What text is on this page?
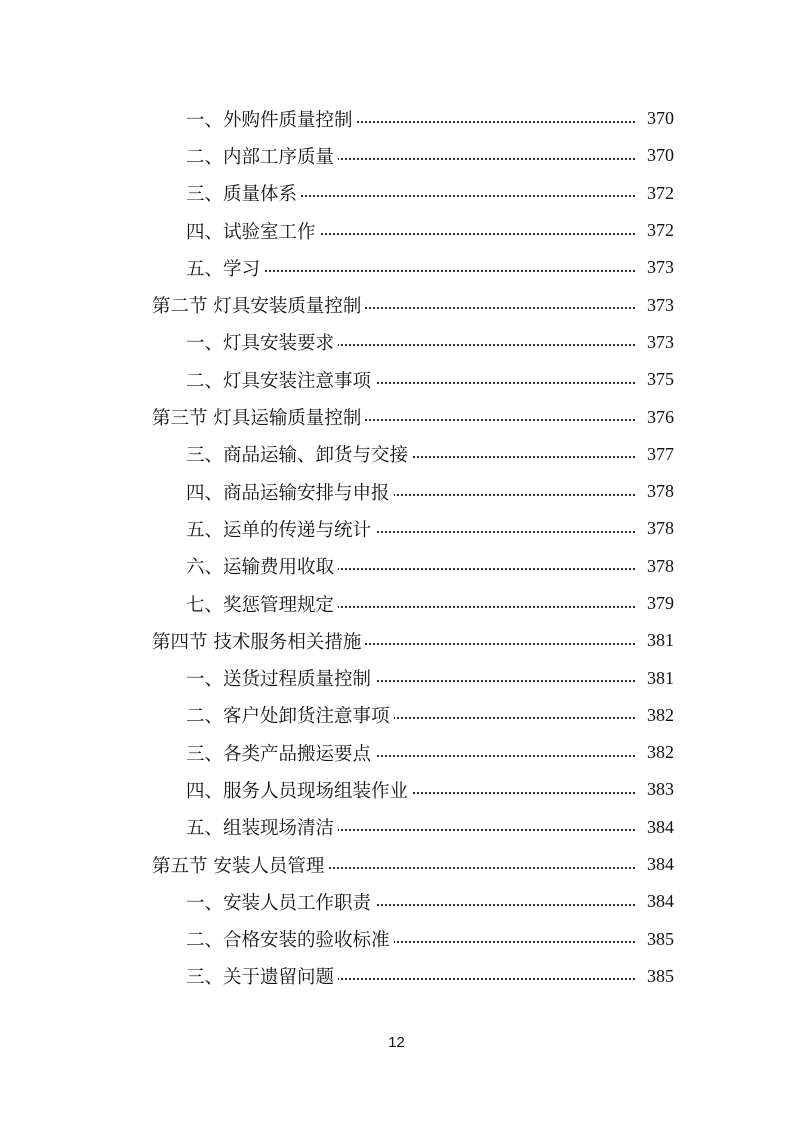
一、外购件质量控制	370
二、内部工序质量	370
三、质量体系	372
四、试验室工作	372
五、学习	373
第二节 灯具安装质量控制	373
一、灯具安装要求	373
二、灯具安装注意事项	375
第三节 灯具运输质量控制	376
三、商品运输、卸货与交接	377
四、商品运输安排与申报	378
五、运单的传递与统计	378
六、运输费用收取	378
七、奖惩管理规定	379
第四节 技术服务相关措施	381
一、送货过程质量控制	381
二、客户处卸货注意事项	382
三、各类产品搬运要点	382
四、服务人员现场组装作业	383
五、组装现场清洁	384
第五节 安装人员管理	384
一、安装人员工作职责	384
二、合格安装的验收标准	385
三、关于遗留问题	385
12
